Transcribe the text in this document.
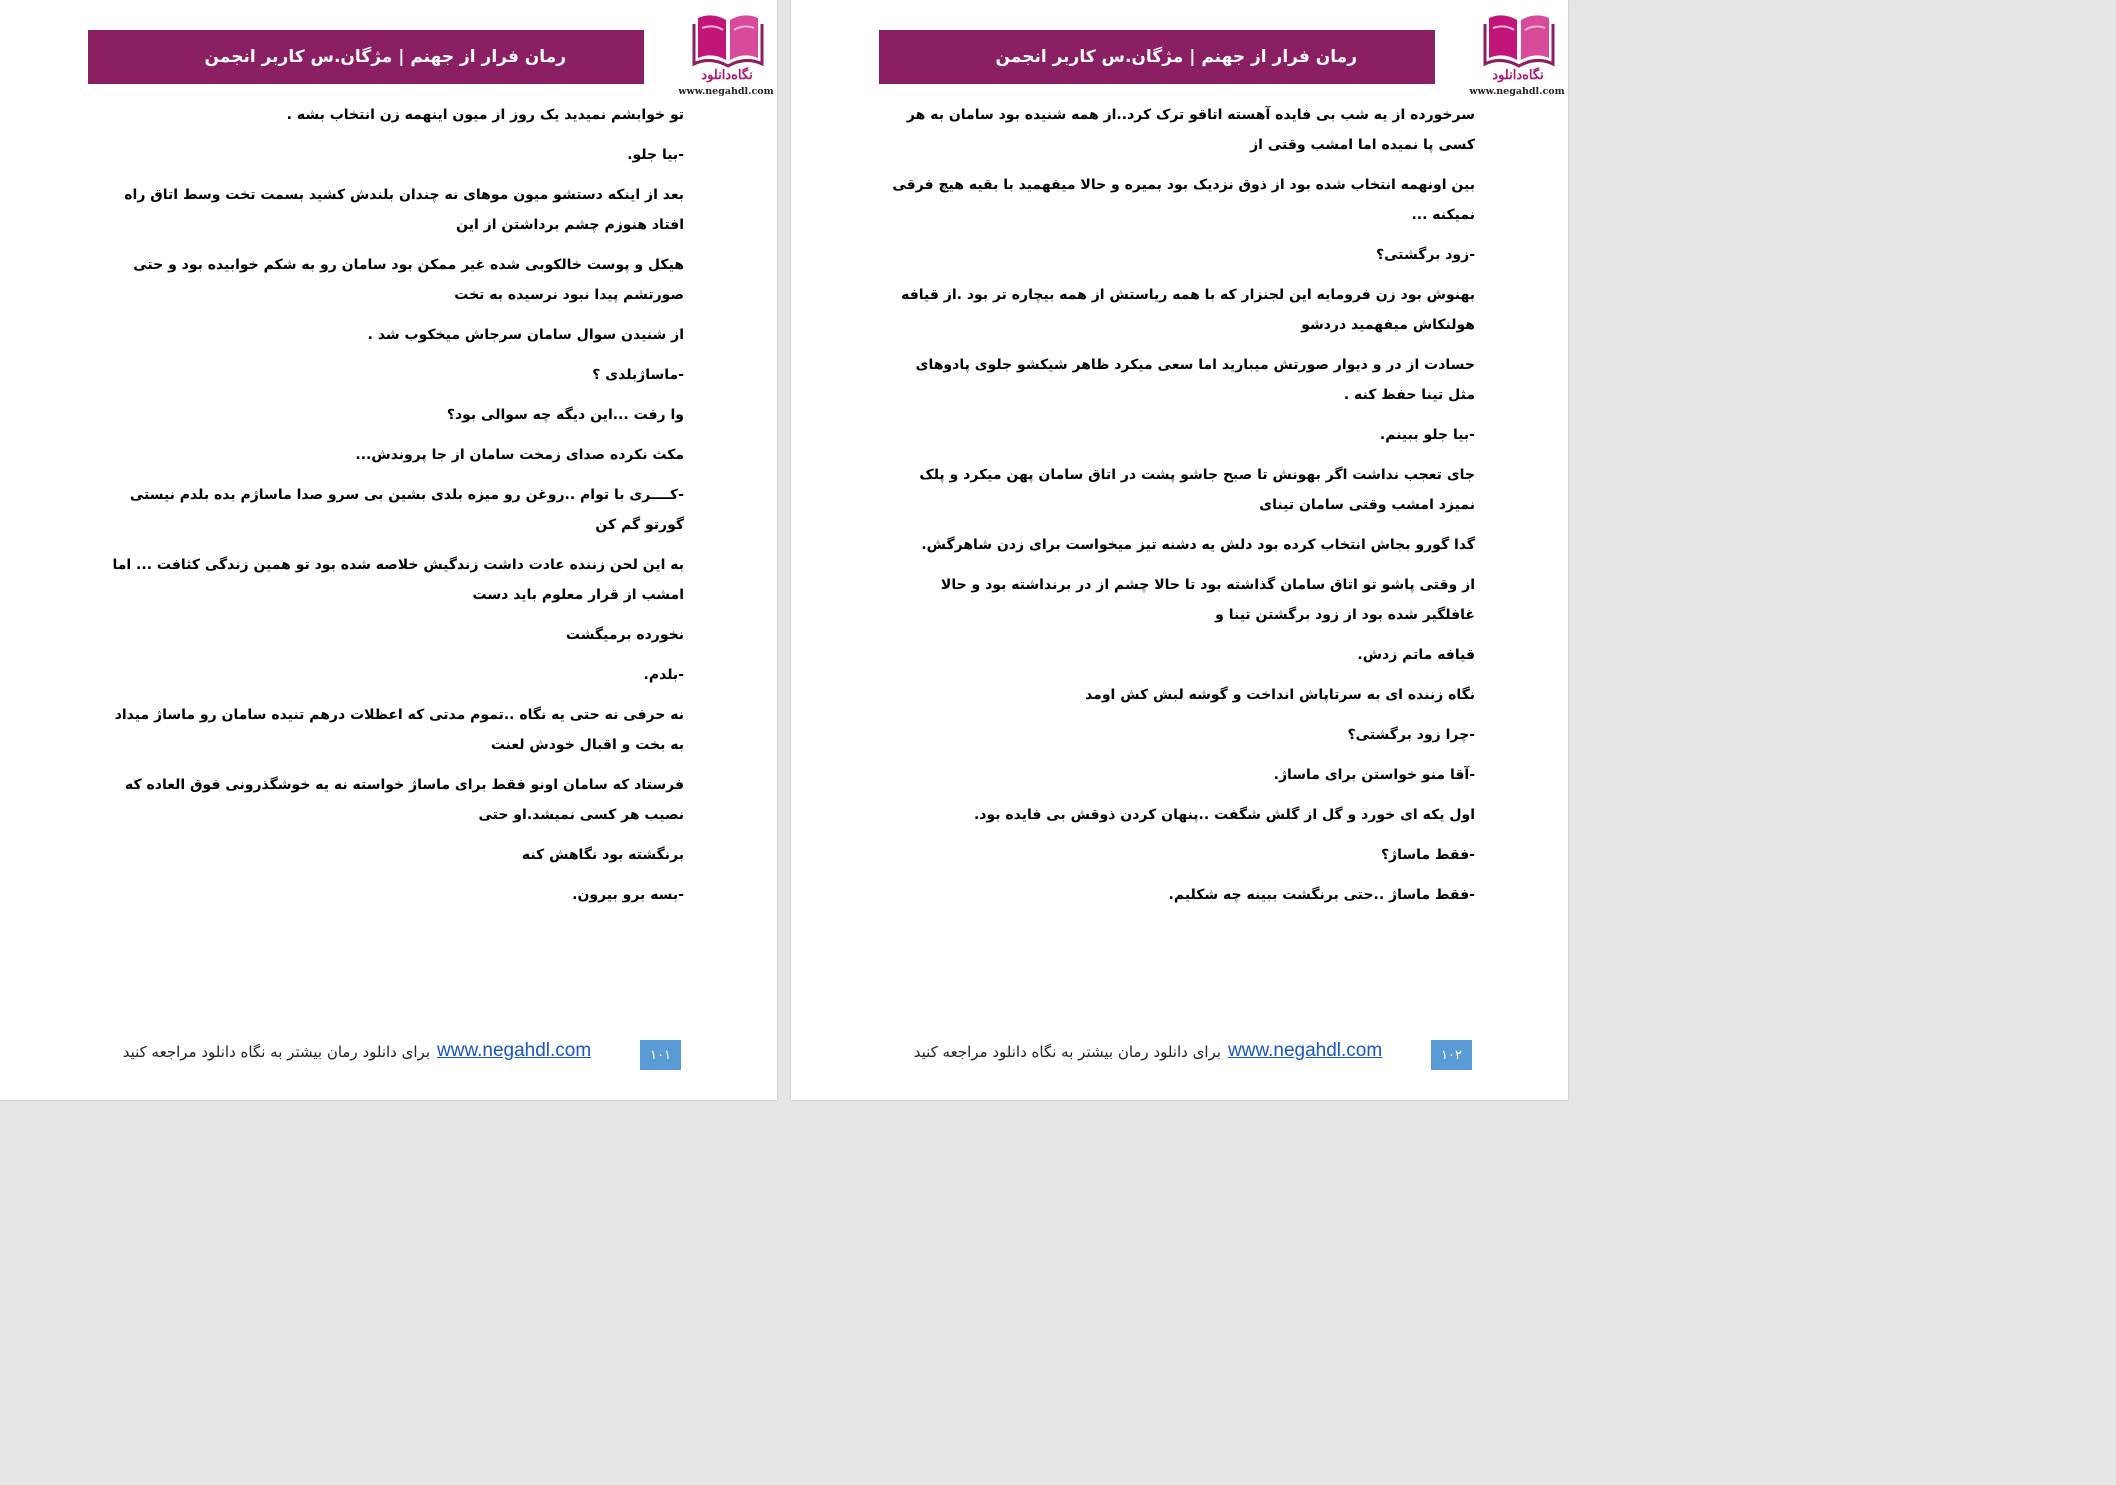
رمان فرار از جهنم | مژگان.س کاربر انجمن
نگاه‌دانلود
www.negahdl.com

تو خوابشم نمیدید یک روز از میون اینهمه زن انتخاب بشه .

-بیا جلو.

بعد از اینکه دستشو میون موهای نه چندان بلندش کشید بسمت تخت وسط اتاق راه افتاد هنوزم چشم برداشتن از این

هیکل و پوست خالکوبی شده غیر ممکن بود سامان رو به شکم خوابیده بود و حتی صورتشم پیدا نبود نرسیده به تخت

از شنیدن سوال سامان سرجاش میخکوب شد .

-ماساژبلدی ؟

وا رفت ...این دیگه چه سوالی بود؟

مکث نکرده صدای زمخت سامان از جا پروندش...

-کــــری با توام ..روغن رو میزه بلدی بشین بی سرو صدا ماساژم بده بلدم نیستی گورتو گم کن

به این لحن زننده عادت داشت زندگیش خلاصه شده بود تو همین زندگی کثافت ... اما امشب از قرار معلوم باید دست

نخورده برمیگشت

-بلدم.

نه حرفی نه حتی یه نگاه ..تموم مدتی که اعظلات درهم تنیده سامان رو ماساژ میداد به بخت و اقبال خودش لعنت

فرستاد که سامان اونو فقط برای ماساژ خواسته نه یه خوشگذرونی فوق العاده که نصیب هر کسی نمیشد.او حتی

برنگشته بود نگاهش کنه

-بسه برو بیرون.

برای دانلود رمان بیشتر به نگاه دانلود مراجعه کنید www.negahdl.com	۱۰۱
رمان فرار از جهنم | مژگان.س کاربر انجمن
نگاه‌دانلود
www.negahdl.com

سرخورده از یه شب بی فایده آهسته اتاقو ترک کرد..از همه شنیده بود سامان به هر کسی پا نمیده اما امشب وقتی از

بین اونهمه انتخاب شده بود از ذوق نزدیک بود بمیره و حالا میفهمید با بقیه هیچ فرقی نمیکنه ...

-زود برگشتی؟

بهنوش بود زن فرومایه این لجنزار که با همه ریاستش از همه بیچاره تر بود .از قیافه هولنکاش میفهمید دردشو

حسادت از در و دیوار صورتش میبارید اما سعی میکرد ظاهر شیکشو جلوی پادوهای مثل تینا حفظ کنه .

-بیا جلو ببینم.

جای تعجب نداشت اگر بهونش تا صبح جاشو پشت در اتاق سامان پهن میکرد و پلک نمیزد امشب وقتی سامان تینای

گدا گورو بجاش انتخاب کرده بود دلش یه دشنه تیز میخواست برای زدن شاهرگش.

از وقتی پاشو تو اتاق سامان گذاشته بود تا حالا چشم از در برنداشته بود و حالا غافلگیر شده بود از زود برگشتن تینا و

قیافه ماتم زدش.

نگاه زننده ای به سرتاپاش انداخت و گوشه لبش کش اومد

-چرا زود برگشتی؟

-آقا منو خواستن برای ماساژ.

اول یکه ای خورد و گل از گلش شگفت ..پنهان کردن ذوقش بی فایده بود.

-فقط ماساژ؟

-فقط ماساژ ..حتی برنگشت ببینه چه شکلیم.

برای دانلود رمان بیشتر به نگاه دانلود مراجعه کنید www.negahdl.com	۱۰۲
